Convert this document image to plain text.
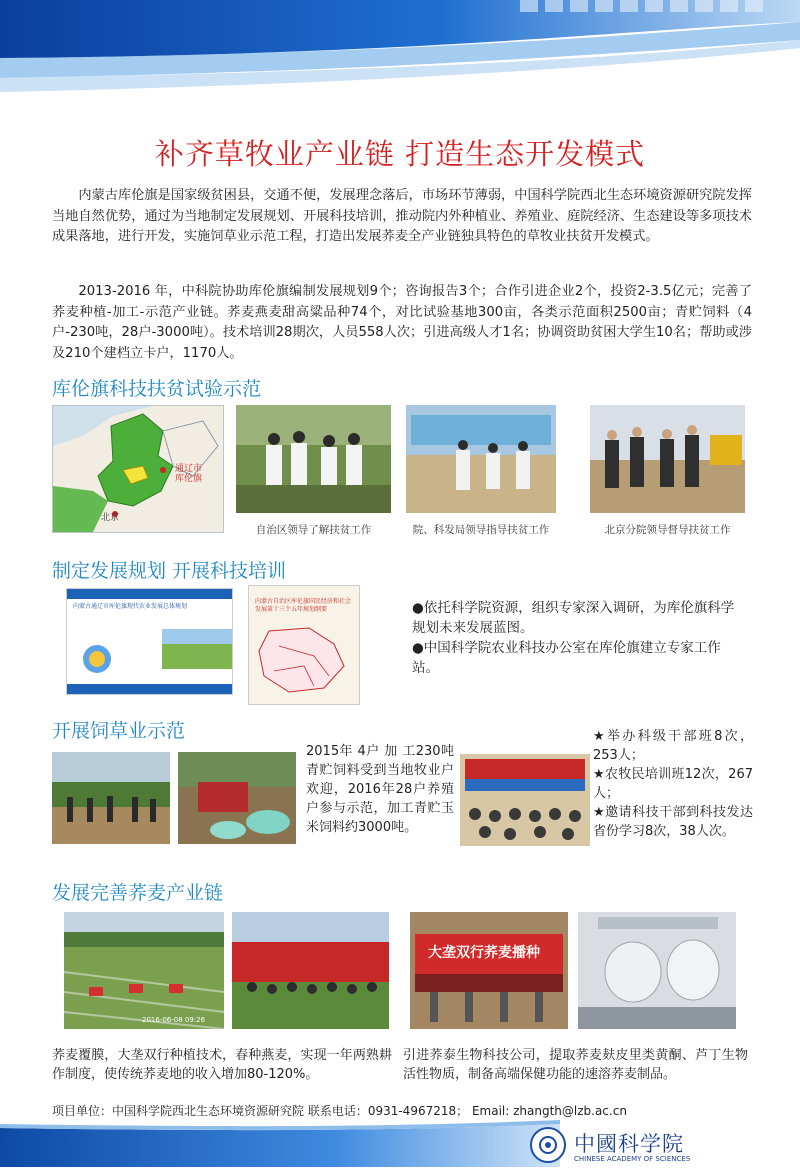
补齐草牧业产业链 打造生态开发模式
内蒙古库伦旗是国家级贫困县，交通不便，发展理念落后，市场环节薄弱，中国科学院西北生态环境资源研究院发挥当地自然优势，通过为当地制定发展规划、开展科技培训，推动院内外种植业、养殖业、庭院经济、生态建设等多项技术成果落地，进行开发，实施饲草业示范工程，打造出发展荞麦全产业链独具特色的草牧业扶贫开发模式。
2013-2016 年，中科院协助库伦旗编制发展规划9个；咨询报告3个；合作引进企业2个，投资2-3.5亿元；完善了荞麦种植-加工-示范产业链。荞麦燕麦甜高粱品种74个，对比试验基地300亩，各类示范面积2500亩；青贮饲料（4户-230吨，28户-3000吨）。技术培训28期次，人员558人次；引进高级人才1名；协调资助贫困大学生10名；帮助或涉及210个建档立卡户，1170人。
库伦旗科技扶贫试验示范
通辽市
库伦旗
北京
自治区领导了解扶贫工作	院、科发局领导指导扶贫工作	北京分院领导督导扶贫工作
制定发展规划 开展科技培训
内蒙古通辽市库伦旗现代农业发展总体规划
内蒙古自治区库伦旗国民经济和社会发展第十三个五年规划纲要	●依托科学院资源，组织专家深入调研，为库伦旗科学规划未来发展蓝图。
●中国科学院农业科技办公室在库伦旗建立专家工作站。
开展饲草业示范
2015年 4户 加 工230吨青贮饲料受到当地牧业户欢迎，2016年28户养殖户参与示范，加工青贮玉米饲料约3000吨。
★举办科级干部班8次，253人；
★农牧民培训班12次，267人；
★邀请科技干部到科技发达省份学习8次，38人次。
发展完善荞麦产业链
2016-06-08 09:26
大垄双行荞麦播种
荞麦覆膜，大垄双行种植技术，春种燕麦，实现一年两熟耕作制度，使传统荞麦地的收入增加80-120%。
引进荞泰生物科技公司，提取荞麦麸皮里类黄酮、芦丁生物活性物质，制备高端保健功能的速溶荞麦制品。
项目单位：中国科学院西北生态环境资源研究院 联系电话：0931-4967218； Email: zhangth@lzb.ac.cn
中國科学院
CHINESE ACADEMY OF SCIENCES
